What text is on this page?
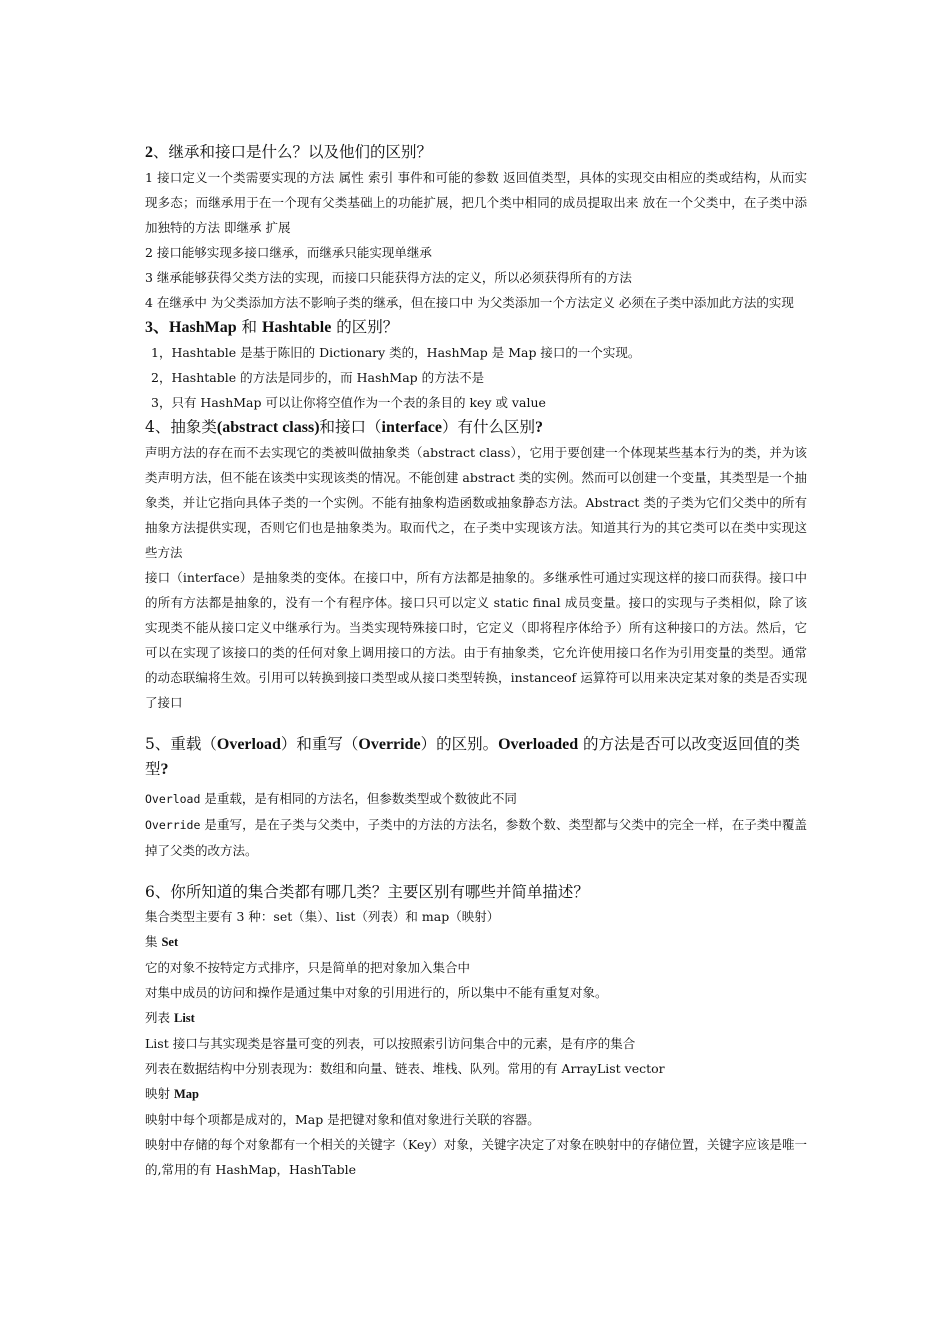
2、继承和接口是什么？以及他们的区别？

1 接口定义一个类需要实现的方法 属性 索引 事件和可能的参数 返回值类型，具体的实现交由相应的类或结构，从而实现多态；而继承用于在一个现有父类基础上的功能扩展，把几个类中相同的成员提取出来 放在一个父类中，在子类中添加独特的方法 即继承 扩展

2 接口能够实现多接口继承，而继承只能实现单继承

3 继承能够获得父类方法的实现，而接口只能获得方法的定义，所以必须获得所有的方法

4 在继承中 为父类添加方法不影响子类的继承，但在接口中 为父类添加一个方法定义 必须在子类中添加此方法的实现

3、HashMap 和 Hashtable 的区别？

1，Hashtable 是基于陈旧的 Dictionary 类的，HashMap 是 Map 接口的一个实现。

2，Hashtable 的方法是同步的，而 HashMap 的方法不是

3，只有 HashMap 可以让你将空值作为一个表的条目的 key 或 value

4、抽象类(abstract class)和接口（interface）有什么区别?

声明方法的存在而不去实现它的类被叫做抽象类（abstract class），它用于要创建一个体现某些基本行为的类，并为该类声明方法，但不能在该类中实现该类的情况。不能创建 abstract 类的实例。然而可以创建一个变量，其类型是一个抽象类，并让它指向具体子类的一个实例。不能有抽象构造函数或抽象静态方法。Abstract 类的子类为它们父类中的所有抽象方法提供实现，否则它们也是抽象类为。取而代之，在子类中实现该方法。知道其行为的其它类可以在类中实现这些方法

接口（interface）是抽象类的变体。在接口中，所有方法都是抽象的。多继承性可通过实现这样的接口而获得。接口中的所有方法都是抽象的，没有一个有程序体。接口只可以定义 static final 成员变量。接口的实现与子类相似，除了该实现类不能从接口定义中继承行为。当类实现特殊接口时，它定义（即将程序体给予）所有这种接口的方法。然后，它可以在实现了该接口的类的任何对象上调用接口的方法。由于有抽象类，它允许使用接口名作为引用变量的类型。通常的动态联编将生效。引用可以转换到接口类型或从接口类型转换，instanceof 运算符可以用来决定某对象的类是否实现了接口

5、重载（Overload）和重写（Override）的区别。Overloaded 的方法是否可以改变返回值的类型?

Overload 是重载，是有相同的方法名，但参数类型或个数彼此不同

Override 是重写，是在子类与父类中，子类中的方法的方法名，参数个数、类型都与父类中的完全一样，在子类中覆盖掉了父类的改方法。

6、你所知道的集合类都有哪几类？主要区别有哪些并简单描述？

集合类型主要有 3 种：set（集）、list（列表）和 map（映射）

集 Set

它的对象不按特定方式排序，只是简单的把对象加入集合中

对集中成员的访问和操作是通过集中对象的引用进行的，所以集中不能有重复对象。

列表 List

List 接口与其实现类是容量可变的列表，可以按照索引访问集合中的元素，是有序的集合

列表在数据结构中分别表现为：数组和向量、链表、堆栈、队列。常用的有 ArrayList vector

映射 Map

映射中每个项都是成对的，Map 是把键对象和值对象进行关联的容器。

映射中存储的每个对象都有一个相关的关键字（Key）对象，关键字决定了对象在映射中的存储位置，关键字应该是唯一的,常用的有 HashMap，HashTable
